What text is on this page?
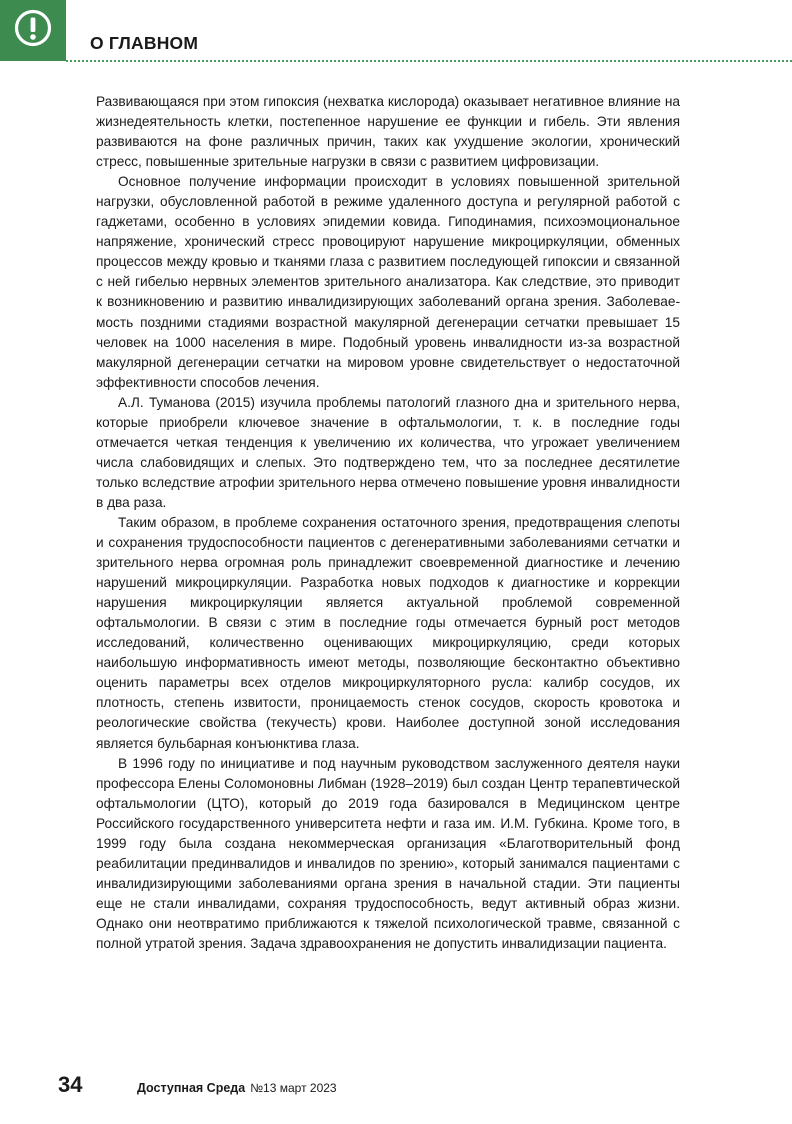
О ГЛАВНОМ

Развивающаяся при этом гипоксия (нехватка кислорода) оказывает негативное влияние на жизнедеятельность клетки, постепенное нарушение ее функции и гибель. Эти явления развиваются на фоне различных причин, таких как ухудшение экологии, хронический стресс, повышенные зрительные нагрузки в связи с развитием цифровизации.

Основное получение информации происходит в условиях повышенной зрительной нагрузки, обусловленной работой в режиме удаленного доступа и регулярной работой с гаджетами, особенно в условиях эпидемии ковида. Гиподинамия, психоэмоциональное напряжение, хронический стресс провоцируют нарушение микроциркуляции, обменных процессов между кровью и тканями глаза с развитием последующей гипоксии и связанной с ней гибелью нервных элементов зрительного анализатора. Как следствие, это приводит к возникновению и развитию инвалидизирующих заболеваний органа зрения. Заболеваемость поздними стадиями возрастной макулярной дегенерации сетчатки превышает 15 человек на 1000 населения в мире. Подобный уровень инвалидности из-за возрастной макулярной дегенерации сетчатки на мировом уровне свидетельствует о недостаточной эффективности способов лечения.

А.Л. Туманова (2015) изучила проблемы патологий глазного дна и зрительного нерва, которые приобрели ключевое значение в офтальмологии, т. к. в последние годы отмечается четкая тенденция к увеличению их количества, что угрожает увеличением числа слабовидящих и слепых. Это подтверждено тем, что за последнее десятилетие только вследствие атрофии зрительного нерва отмечено повышение уровня инвалидности в два раза.

Таким образом, в проблеме сохранения остаточного зрения, предотвращения слепоты и сохранения трудоспособности пациентов с дегенеративными заболеваниями сетчатки и зрительного нерва огромная роль принадлежит своевременной диагностике и лечению нарушений микроциркуляции. Разработка новых подходов к диагностике и коррекции нарушения микроциркуляции является актуальной проблемой современной офтальмологии. В связи с этим в последние годы отмечается бурный рост методов исследований, количественно оценивающих микроциркуляцию, среди которых наибольшую информативность имеют методы, позволяющие бесконтактно объективно оценить параметры всех отделов микроциркуляторного русла: калибр сосудов, их плотность, степень извитости, проницаемость стенок сосудов, скорость кровотока и реологические свойства (текучесть) крови. Наиболее доступной зоной исследования является бульбарная конъюнктива глаза.

В 1996 году по инициативе и под научным руководством заслуженного деятеля науки профессора Елены Соломоновны Либман (1928–2019) был создан Центр терапевтической офтальмологии (ЦТО), который до 2019 года базировался в Медицинском центре Российского государственного университета нефти и газа им. И.М. Губкина. Кроме того, в 1999 году была создана некоммерческая организация «Благотворительный фонд реабилитации прединвалидов и инвалидов по зрению», который занимался пациентами с инвалидизирующими заболеваниями органа зрения в начальной стадии. Эти пациенты еще не стали инвалидами, сохраняя трудоспособность, ведут активный образ жизни. Однако они неотвратимо приближаются к тяжелой психологической травме, связанной с полной утратой зрения. Задача здравоохранения не допустить инвалидизации пациента.

34	Доступная Среда №13 март 2023
